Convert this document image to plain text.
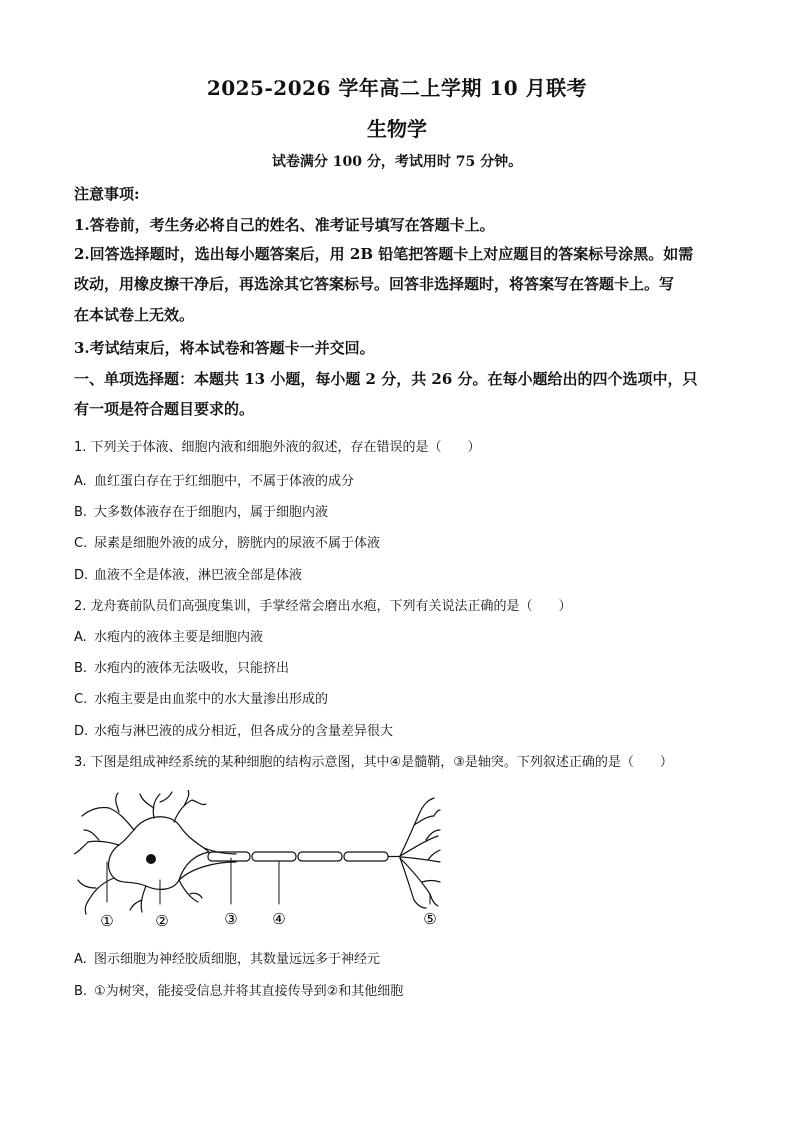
2025-2026 学年高二上学期 10 月联考
生物学
试卷满分 100 分，考试用时 75 分钟。
注意事项:
1.答卷前，考生务必将自己的姓名、准考证号填写在答题卡上。
2.回答选择题时，选出每小题答案后，用 2B 铅笔把答题卡上对应题目的答案标号涂黑。如需
改动，用橡皮擦干净后，再选涂其它答案标号。回答非选择题时，将答案写在答题卡上。写
在本试卷上无效。
3.考试结束后，将本试卷和答题卡一并交回。
一、单项选择题：本题共 13 小题，每小题 2 分，共 26 分。在每小题给出的四个选项中，只
有一项是符合题目要求的。
1. 下列关于体液、细胞内液和细胞外液的叙述，存在错误的是（　　）
A. 血红蛋白存在于红细胞中，不属于体液的成分
B. 大多数体液存在于细胞内，属于细胞内液
C. 尿素是细胞外液的成分，膀胱内的尿液不属于体液
D. 血液不全是体液，淋巴液全部是体液
2. 龙舟赛前队员们高强度集训，手掌经常会磨出水疱，下列有关说法正确的是（　　）
A. 水疱内的液体主要是细胞内液
B. 水疱内的液体无法吸收，只能挤出
C. 水疱主要是由血浆中的水大量渗出形成的
D. 水疱与淋巴液的成分相近，但各成分的含量差异很大
3. 下图是组成神经系统的某种细胞的结构示意图，其中④是髓鞘，③是轴突。下列叙述正确的是（　　）
①	②	③ ④	⑤
A. 图示细胞为神经胶质细胞，其数量远远多于神经元
B. ①为树突，能接受信息并将其直接传导到②和其他细胞
